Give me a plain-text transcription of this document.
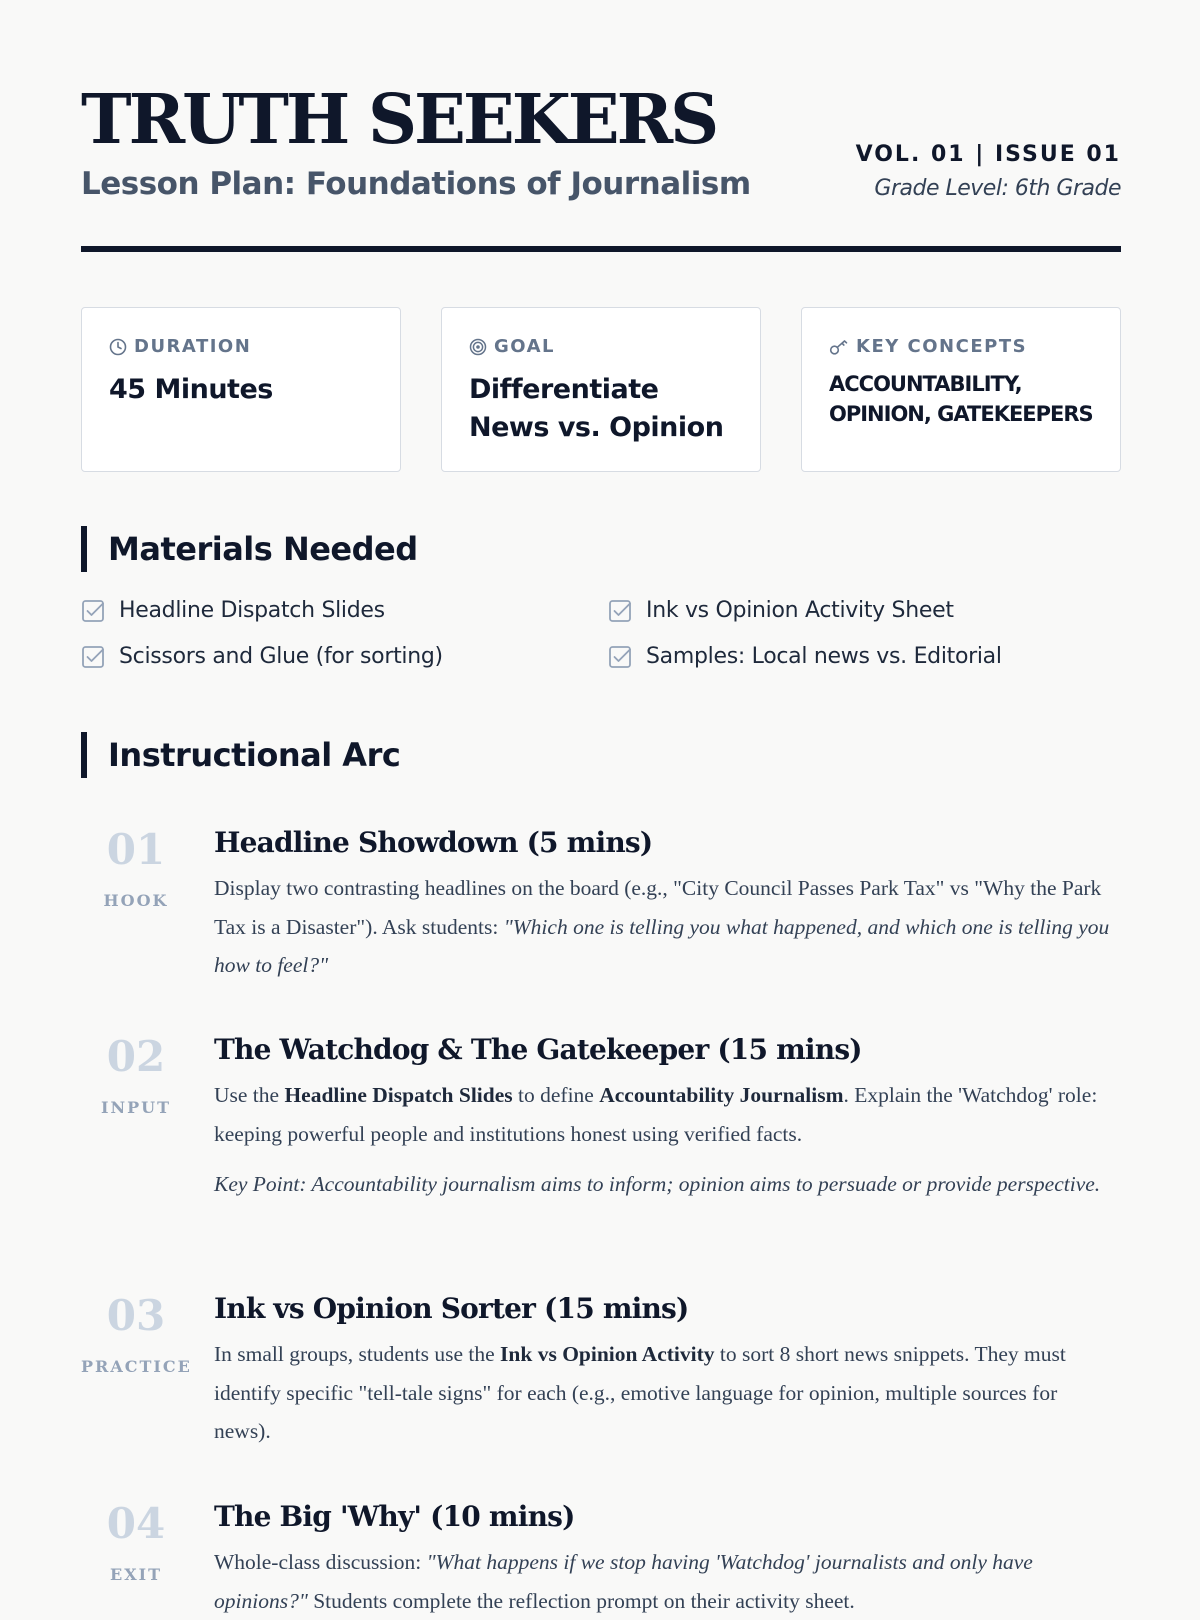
TRUTH SEEKERS
Lesson Plan: Foundations of Journalism
VOL. 01 | ISSUE 01
Grade Level: 6th Grade
DURATION
45 Minutes
GOAL
Differentiate News vs. Opinion
KEY CONCEPTS
ACCOUNTABILITY, OPINION, GATEKEEPERS
Materials Needed
Headline Dispatch Slides	Ink vs Opinion Activity Sheet
Scissors and Glue (for sorting)	Samples: Local news vs. Editorial
Instructional Arc
01
HOOK
Headline Showdown (5 mins)
Display two contrasting headlines on the board (e.g., "City Council Passes Park Tax" vs "Why the Park Tax is a Disaster"). Ask students: "Which one is telling you what happened, and which one is telling you how to feel?"
02
INPUT
The Watchdog & The Gatekeeper (15 mins)
Use the Headline Dispatch Slides to define Accountability Journalism. Explain the 'Watchdog' role: keeping powerful people and institutions honest using verified facts.
Key Point: Accountability journalism aims to inform; opinion aims to persuade or provide perspective.
03
PRACTICE
Ink vs Opinion Sorter (15 mins)
In small groups, students use the Ink vs Opinion Activity to sort 8 short news snippets. They must identify specific "tell-tale signs" for each (e.g., emotive language for opinion, multiple sources for news).
04
EXIT
The Big 'Why' (10 mins)
Whole-class discussion: "What happens if we stop having 'Watchdog' journalists and only have opinions?" Students complete the reflection prompt on their activity sheet.
